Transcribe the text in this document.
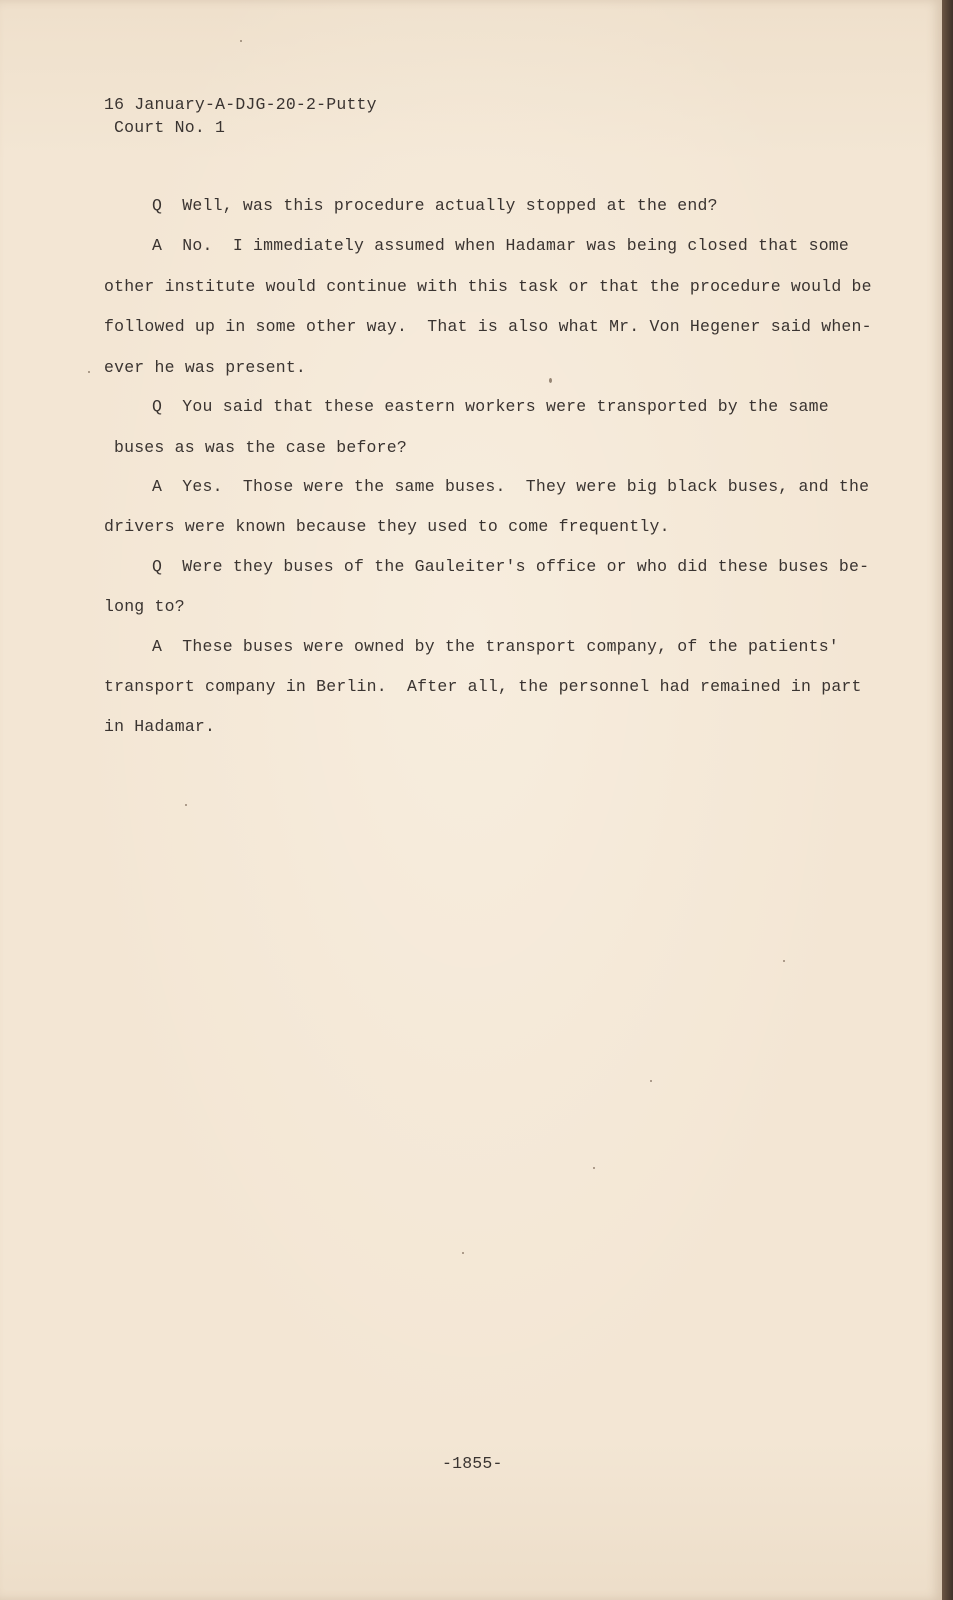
16 January-A-DJG-20-2-Putty
Court No. 1
Q  Well, was this procedure actually stopped at the end?
A  No.  I immediately assumed when Hadamar was being closed that some
other institute would continue with this task or that the procedure would be
followed up in some other way.  That is also what Mr. Von Hegener said when-
ever he was present.
Q  You said that these eastern workers were transported by the same
buses as was the case before?
A  Yes.  Those were the same buses.  They were big black buses, and the
drivers were known because they used to come frequently.
Q  Were they buses of the Gauleiter's office or who did these buses be-
long to?
A  These buses were owned by the transport company, of the patients'
transport company in Berlin.  After all, the personnel had remained in part
in Hadamar.
-1855-
